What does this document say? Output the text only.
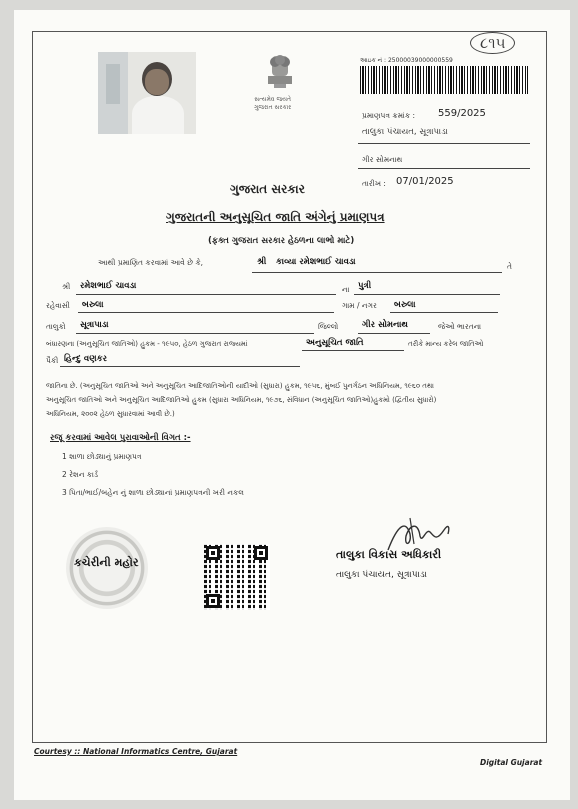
૮૧૫
સત્યમેવ જયતે
ગુજરાત સરકાર
આઇક નં : 25000039000000559
પ્રમાણપત્ર ક્રમાંક : 559/2025
તાલુકા પંચાયત, સૂત્રાપાડા
ગીર સોમનાથ
તારીખ : 07/01/2025
ગુજરાત સરકાર
ગુજરાતની અનુસૂચિત જાતિ અંગેનું પ્રમાણપત્ર
(ફક્ત ગુજરાત સરકાર હેઠળના લાભો માટે)
આથી પ્રમાણિત કરવામાં આવે છે કે,	શ્રી કાવ્યા રમેશભાઈ ચાવડા	તે
શ્રી રમેશભાઈ ચાવડા	ના પુત્રી
રહેવાસી બરુલા	ગામ / નગર બરુલા
તાલુકો સૂત્રાપાડા	જિલ્લો	ગીર સોમનાથ	જેઓ ભારતના
બંધારણના (અનુસૂચિત જાતિઓ) હુકમ - ૧૯૫૦, હેઠળ ગુજરાત રાજ્યમાં	અનુસૂચિત જાતિ	તરીકે માન્ય કરેલ જાતિઓ
પૈકી હિન્દુ વણકર
જાતિના છે. (અનુસૂચિત જાતિઓ અને અનુસૂચિત આદિજાતિઓની યાદીઓ (સુધારા) હુકમ, ૧૯૫૬, મુંબઈ પુનર્ગઠન અધિનિયમ, ૧૯૬૦ તથા
અનુસૂચિત જાતિઓ અને અનુસૂચિત આદિજાતિઓ હુકમ (સુધારા અધિનિયમ, ૧૯૭૬, સંવિધાન (અનુસૂચિત જાતિઓ)હુકમો (દ્વિતીય સુધારો)
અધિનિયમ, ૨૦૦૨ હેઠળ સુધારવામાં આવી છે.)
રજૂ કરવામાં આવેલ પુરાવાઓની વિગત :-
1 શાળા છોડ્યાનું પ્રમાણપત્ર
2 રેશન કાર્ડ
3 પિતા/ભાઈ/બહેન નું શાળા છોડ્યાનાં પ્રમાણપત્રની ખરી નકલ
કચેરીની મહોર
તાલુકા વિકાસ અધિકારી
તાલુકા પંચાયત, સૂત્રાપાડા
Courtesy :: National Informatics Centre, Gujarat
Digital Gujarat
